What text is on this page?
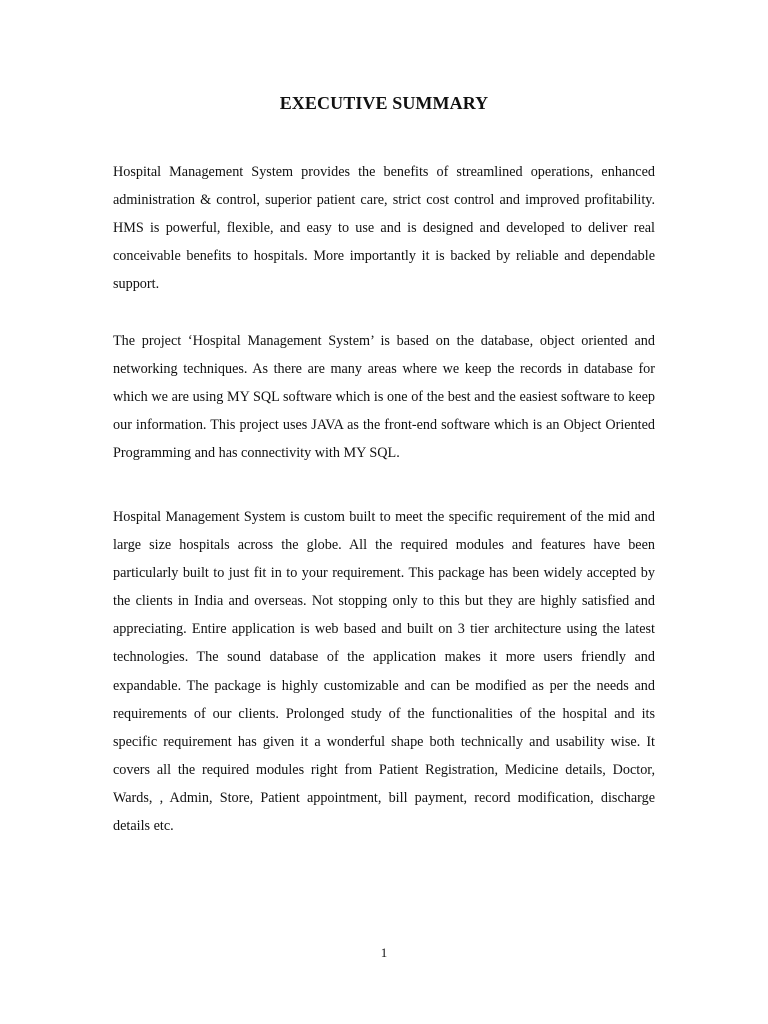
EXECUTIVE SUMMARY

Hospital Management System provides the benefits of streamlined operations, enhanced administration & control, superior patient care, strict cost control and improved profitability. HMS is powerful, flexible, and easy to use and is designed and developed to deliver real conceivable benefits to hospitals. More importantly it is backed by reliable and dependable support.

The project ‘Hospital Management System’ is based on the database, object oriented and networking techniques. As there are many areas where we keep the records in database for which we are using MY SQL software which is one of the best and the easiest software to keep our information. This project uses JAVA as the front-end software which is an Object Oriented Programming and has connectivity with MY SQL.

Hospital Management System is custom built to meet the specific requirement of the mid and large size hospitals across the globe. All the required modules and features have been particularly built to just fit in to your requirement. This package has been widely accepted by the clients in India and overseas. Not stopping only to this but they are highly satisfied and appreciating. Entire application is web based and built on 3 tier architecture using the latest technologies. The sound database of the application makes it more users friendly and expandable. The package is highly customizable and can be modified as per the needs and requirements of our clients. Prolonged study of the functionalities of the hospital and its specific requirement has given it a wonderful shape both technically and usability wise. It covers all the required modules right from Patient Registration, Medicine details, Doctor, Wards, , Admin, Store, Patient appointment, bill payment, record modification, discharge details etc.

1
